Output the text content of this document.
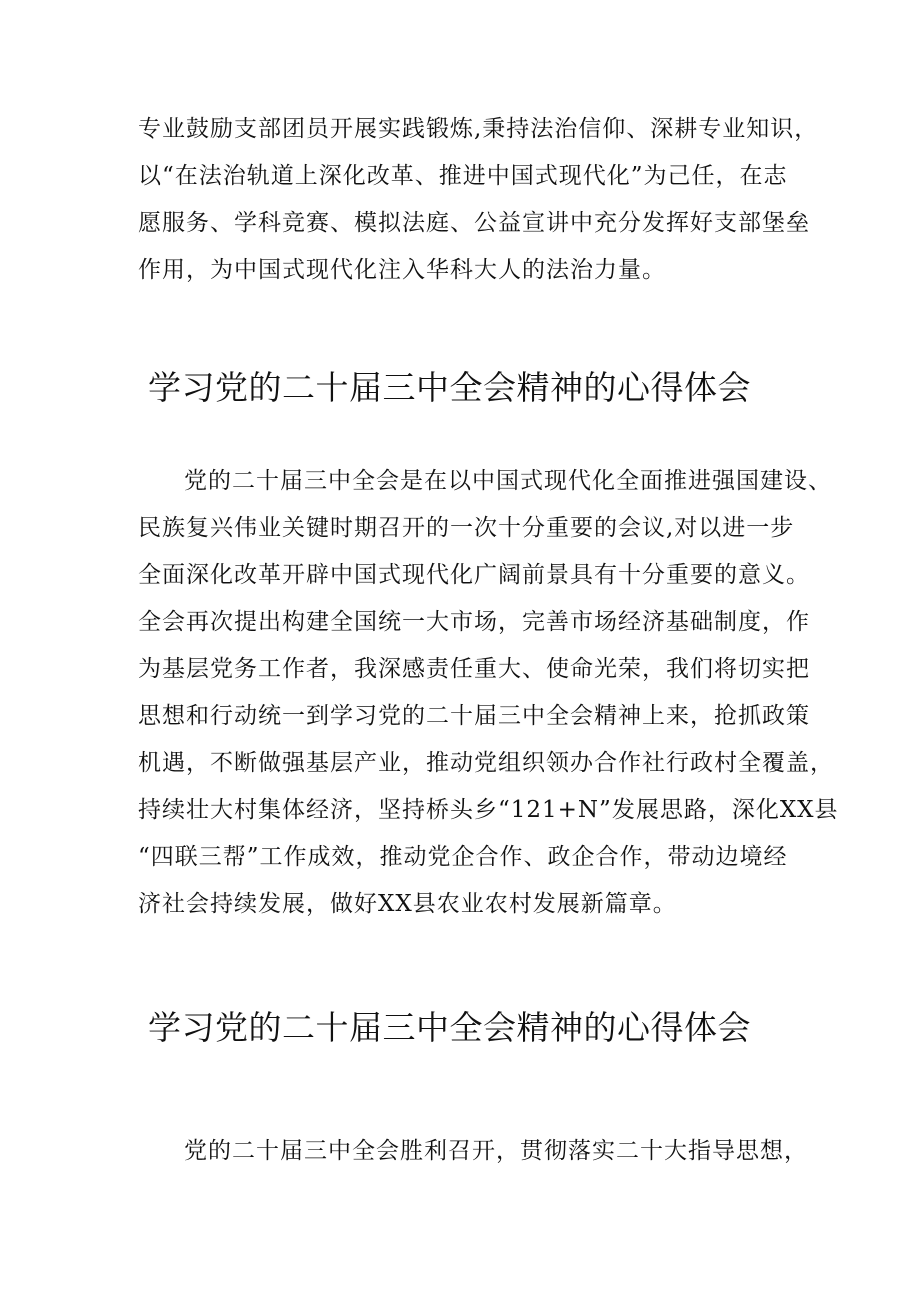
专业鼓励支部团员开展实践锻炼,秉持法治信仰、深耕专业知识，
以“在法治轨道上深化改革、推进中国式现代化”为己任，在志
愿服务、学科竞赛、模拟法庭、公益宣讲中充分发挥好支部堡垒
作用，为中国式现代化注入华科大人的法治力量。
学习党的二十届三中全会精神的心得体会
党的二十届三中全会是在以中国式现代化全面推进强国建设、
民族复兴伟业关键时期召开的一次十分重要的会议,对以进一步
全面深化改革开辟中国式现代化广阔前景具有十分重要的意义。
全会再次提出构建全国统一大市场，完善市场经济基础制度，作
为基层党务工作者，我深感责任重大、使命光荣，我们将切实把
思想和行动统一到学习党的二十届三中全会精神上来，抢抓政策
机遇，不断做强基层产业，推动党组织领办合作社行政村全覆盖，
持续壮大村集体经济，坚持桥头乡“121+N”发展思路，深化XX县
“四联三帮”工作成效，推动党企合作、政企合作，带动边境经
济社会持续发展，做好XX县农业农村发展新篇章。
学习党的二十届三中全会精神的心得体会
党的二十届三中全会胜利召开，贯彻落实二十大指导思想，
